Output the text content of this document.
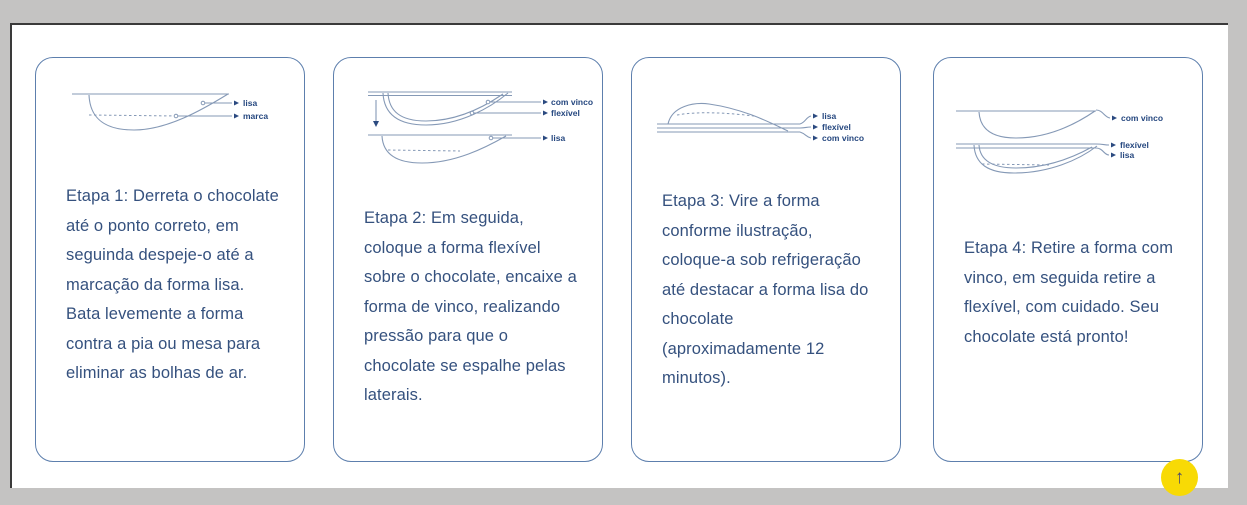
lisa
marca

Etapa 1: Derreta o chocolate até o ponto correto, em seguinda despeje-o até a marcação da forma lisa. Bata levemente a forma contra a pia ou mesa para eliminar as bolhas de ar.

com vinco
flexível
lisa

Etapa 2: Em seguida, coloque a forma flexível sobre o chocolate, encaixe a forma de vinco, realizando pressão para que o chocolate se espalhe pelas laterais.

lisa
flexível
com vinco

Etapa 3: Vire a forma conforme ilustração, coloque-a sob refrigeração até destacar a forma lisa do chocolate (aproximadamente 12 minutos).

com vinco
flexível
lisa

Etapa 4: Retire a forma com vinco, em seguida retire a flexível, com cuidado. Seu chocolate está pronto!

↑
